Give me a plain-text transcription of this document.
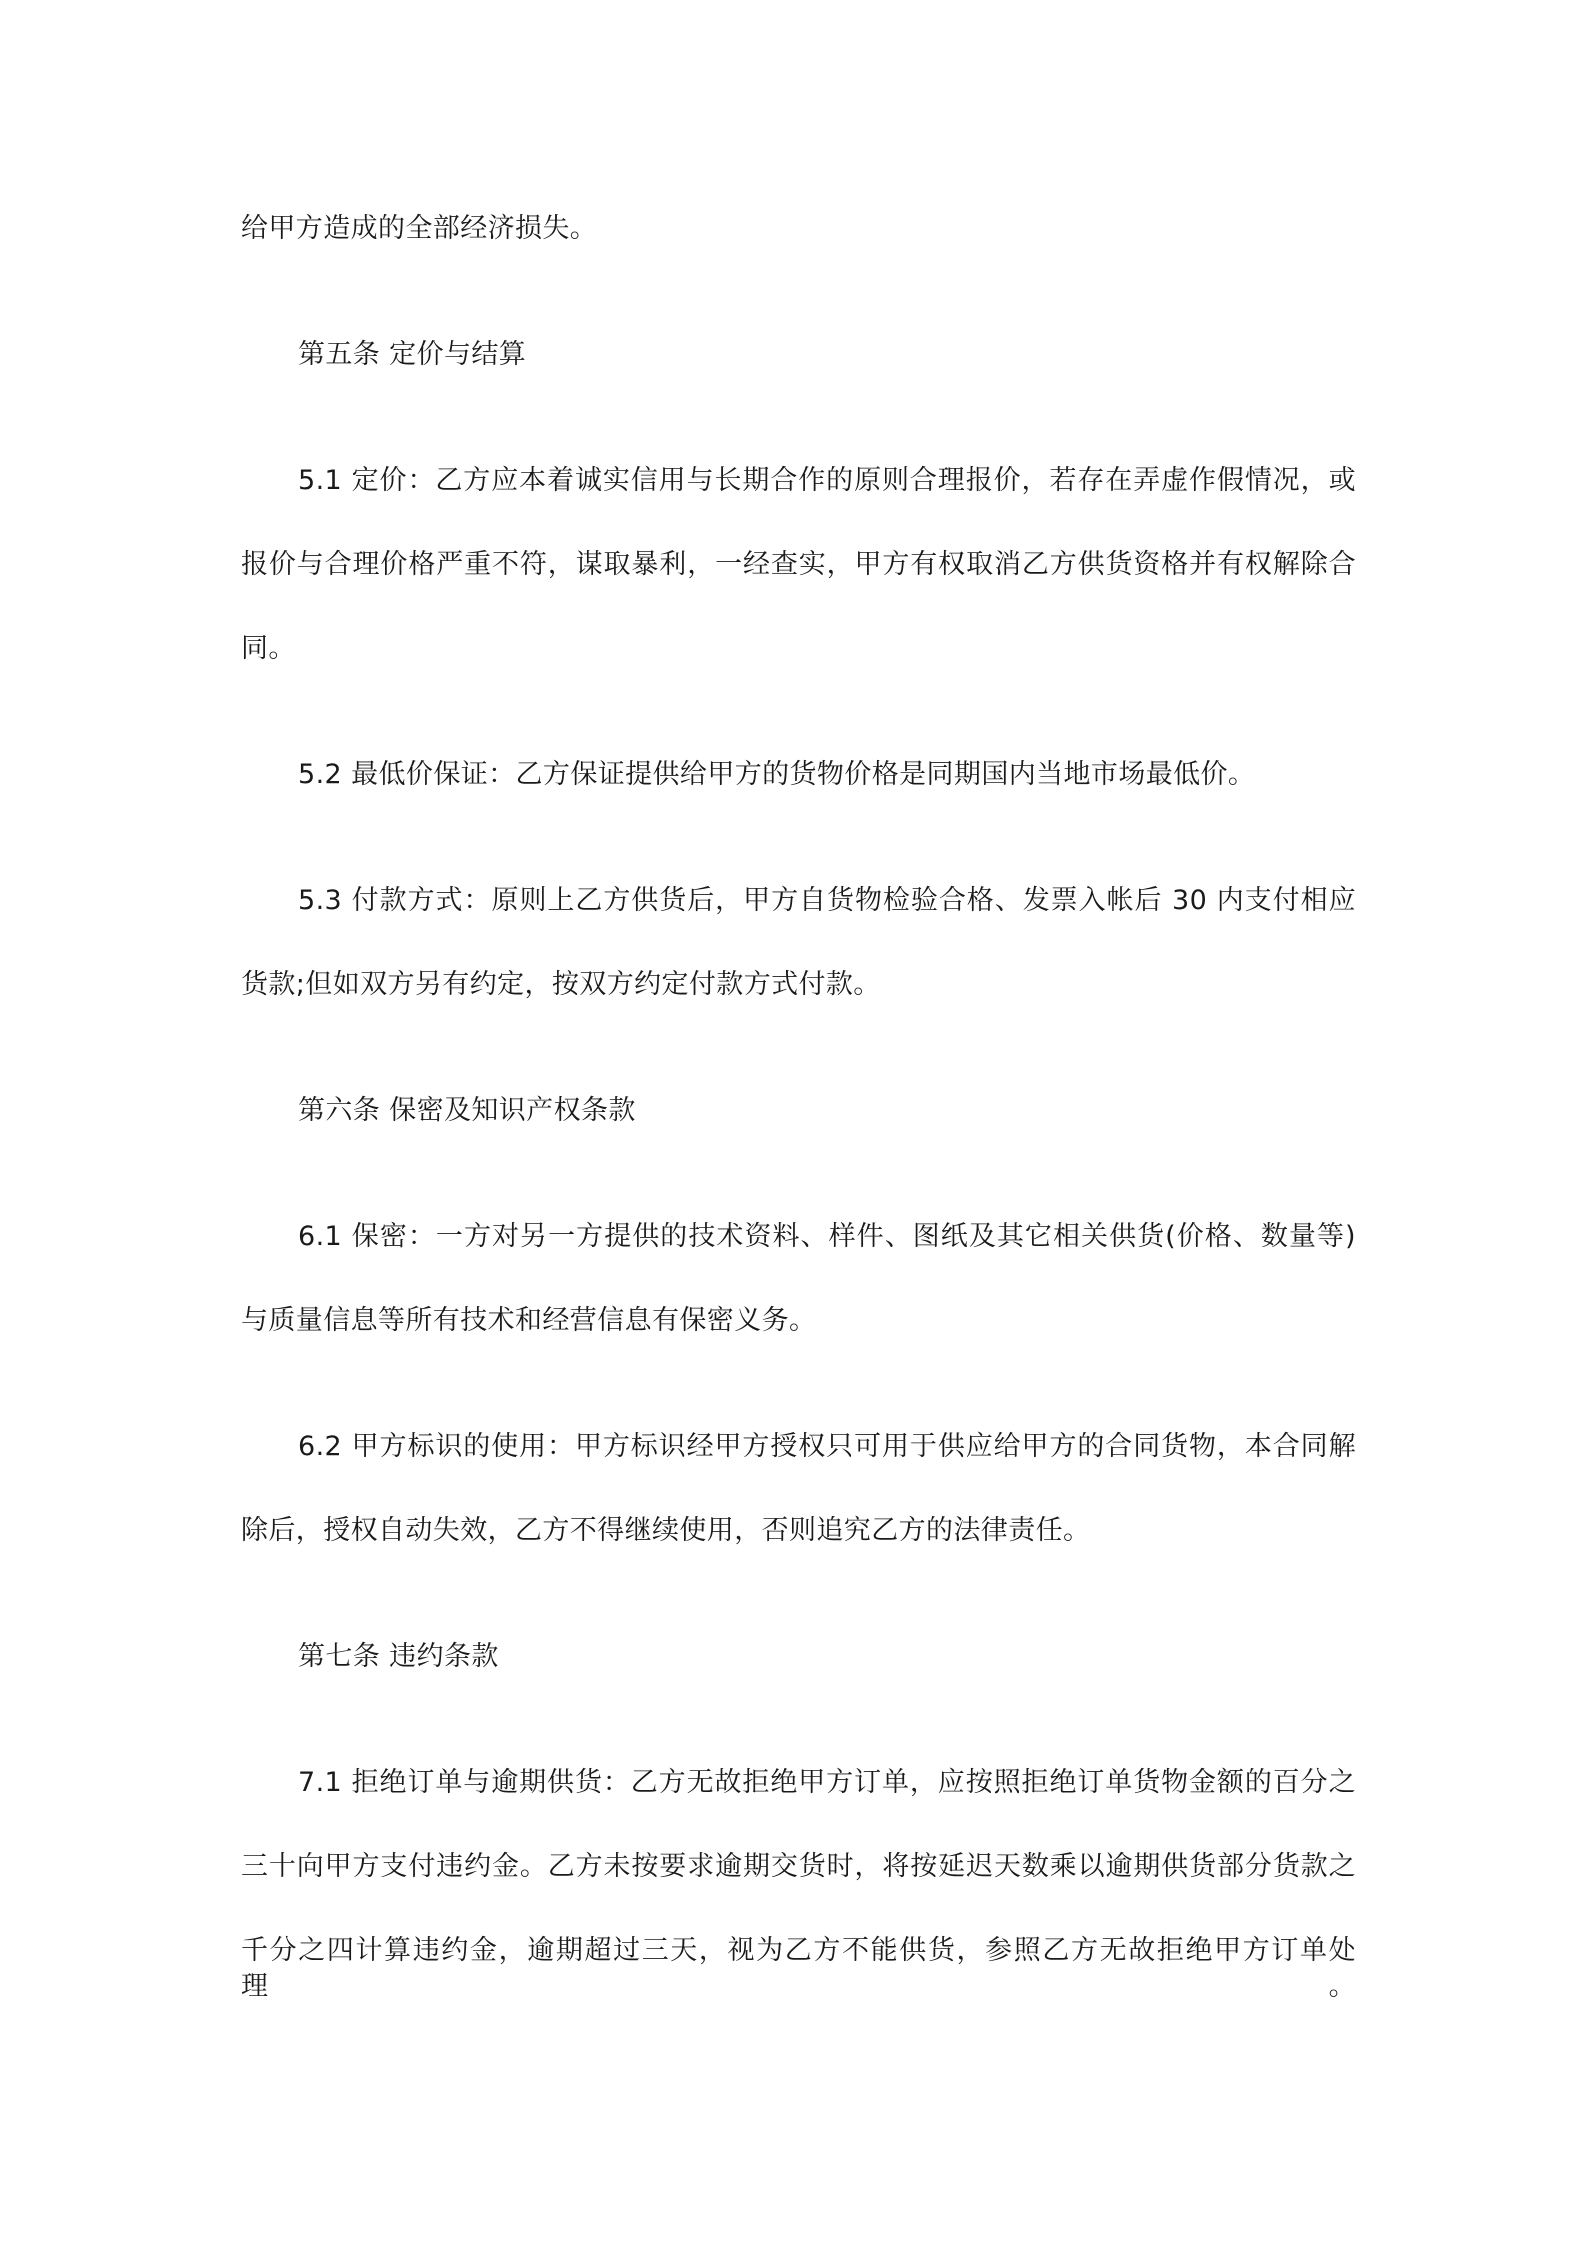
给甲方造成的全部经济损失。
第五条 定价与结算
5.1 定价：乙方应本着诚实信用与长期合作的原则合理报价，若存在弄虚作假情况，或
报价与合理价格严重不符，谋取暴利，一经查实，甲方有权取消乙方供货资格并有权解除合
同。
5.2 最低价保证：乙方保证提供给甲方的货物价格是同期国内当地市场最低价。
5.3 付款方式：原则上乙方供货后，甲方自货物检验合格、发票入帐后 30 内支付相应
货款;但如双方另有约定，按双方约定付款方式付款。
第六条 保密及知识产权条款
6.1 保密：一方对另一方提供的技术资料、样件、图纸及其它相关供货(价格、数量等)
与质量信息等所有技术和经营信息有保密义务。
6.2 甲方标识的使用：甲方标识经甲方授权只可用于供应给甲方的合同货物，本合同解
除后，授权自动失效，乙方不得继续使用，否则追究乙方的法律责任。
第七条 违约条款
7.1 拒绝订单与逾期供货：乙方无故拒绝甲方订单，应按照拒绝订单货物金额的百分之
三十向甲方支付违约金。乙方未按要求逾期交货时，将按延迟天数乘以逾期供货部分货款之
千分之四计算违约金，逾期超过三天，视为乙方不能供货，参照乙方无故拒绝甲方订单处理。
